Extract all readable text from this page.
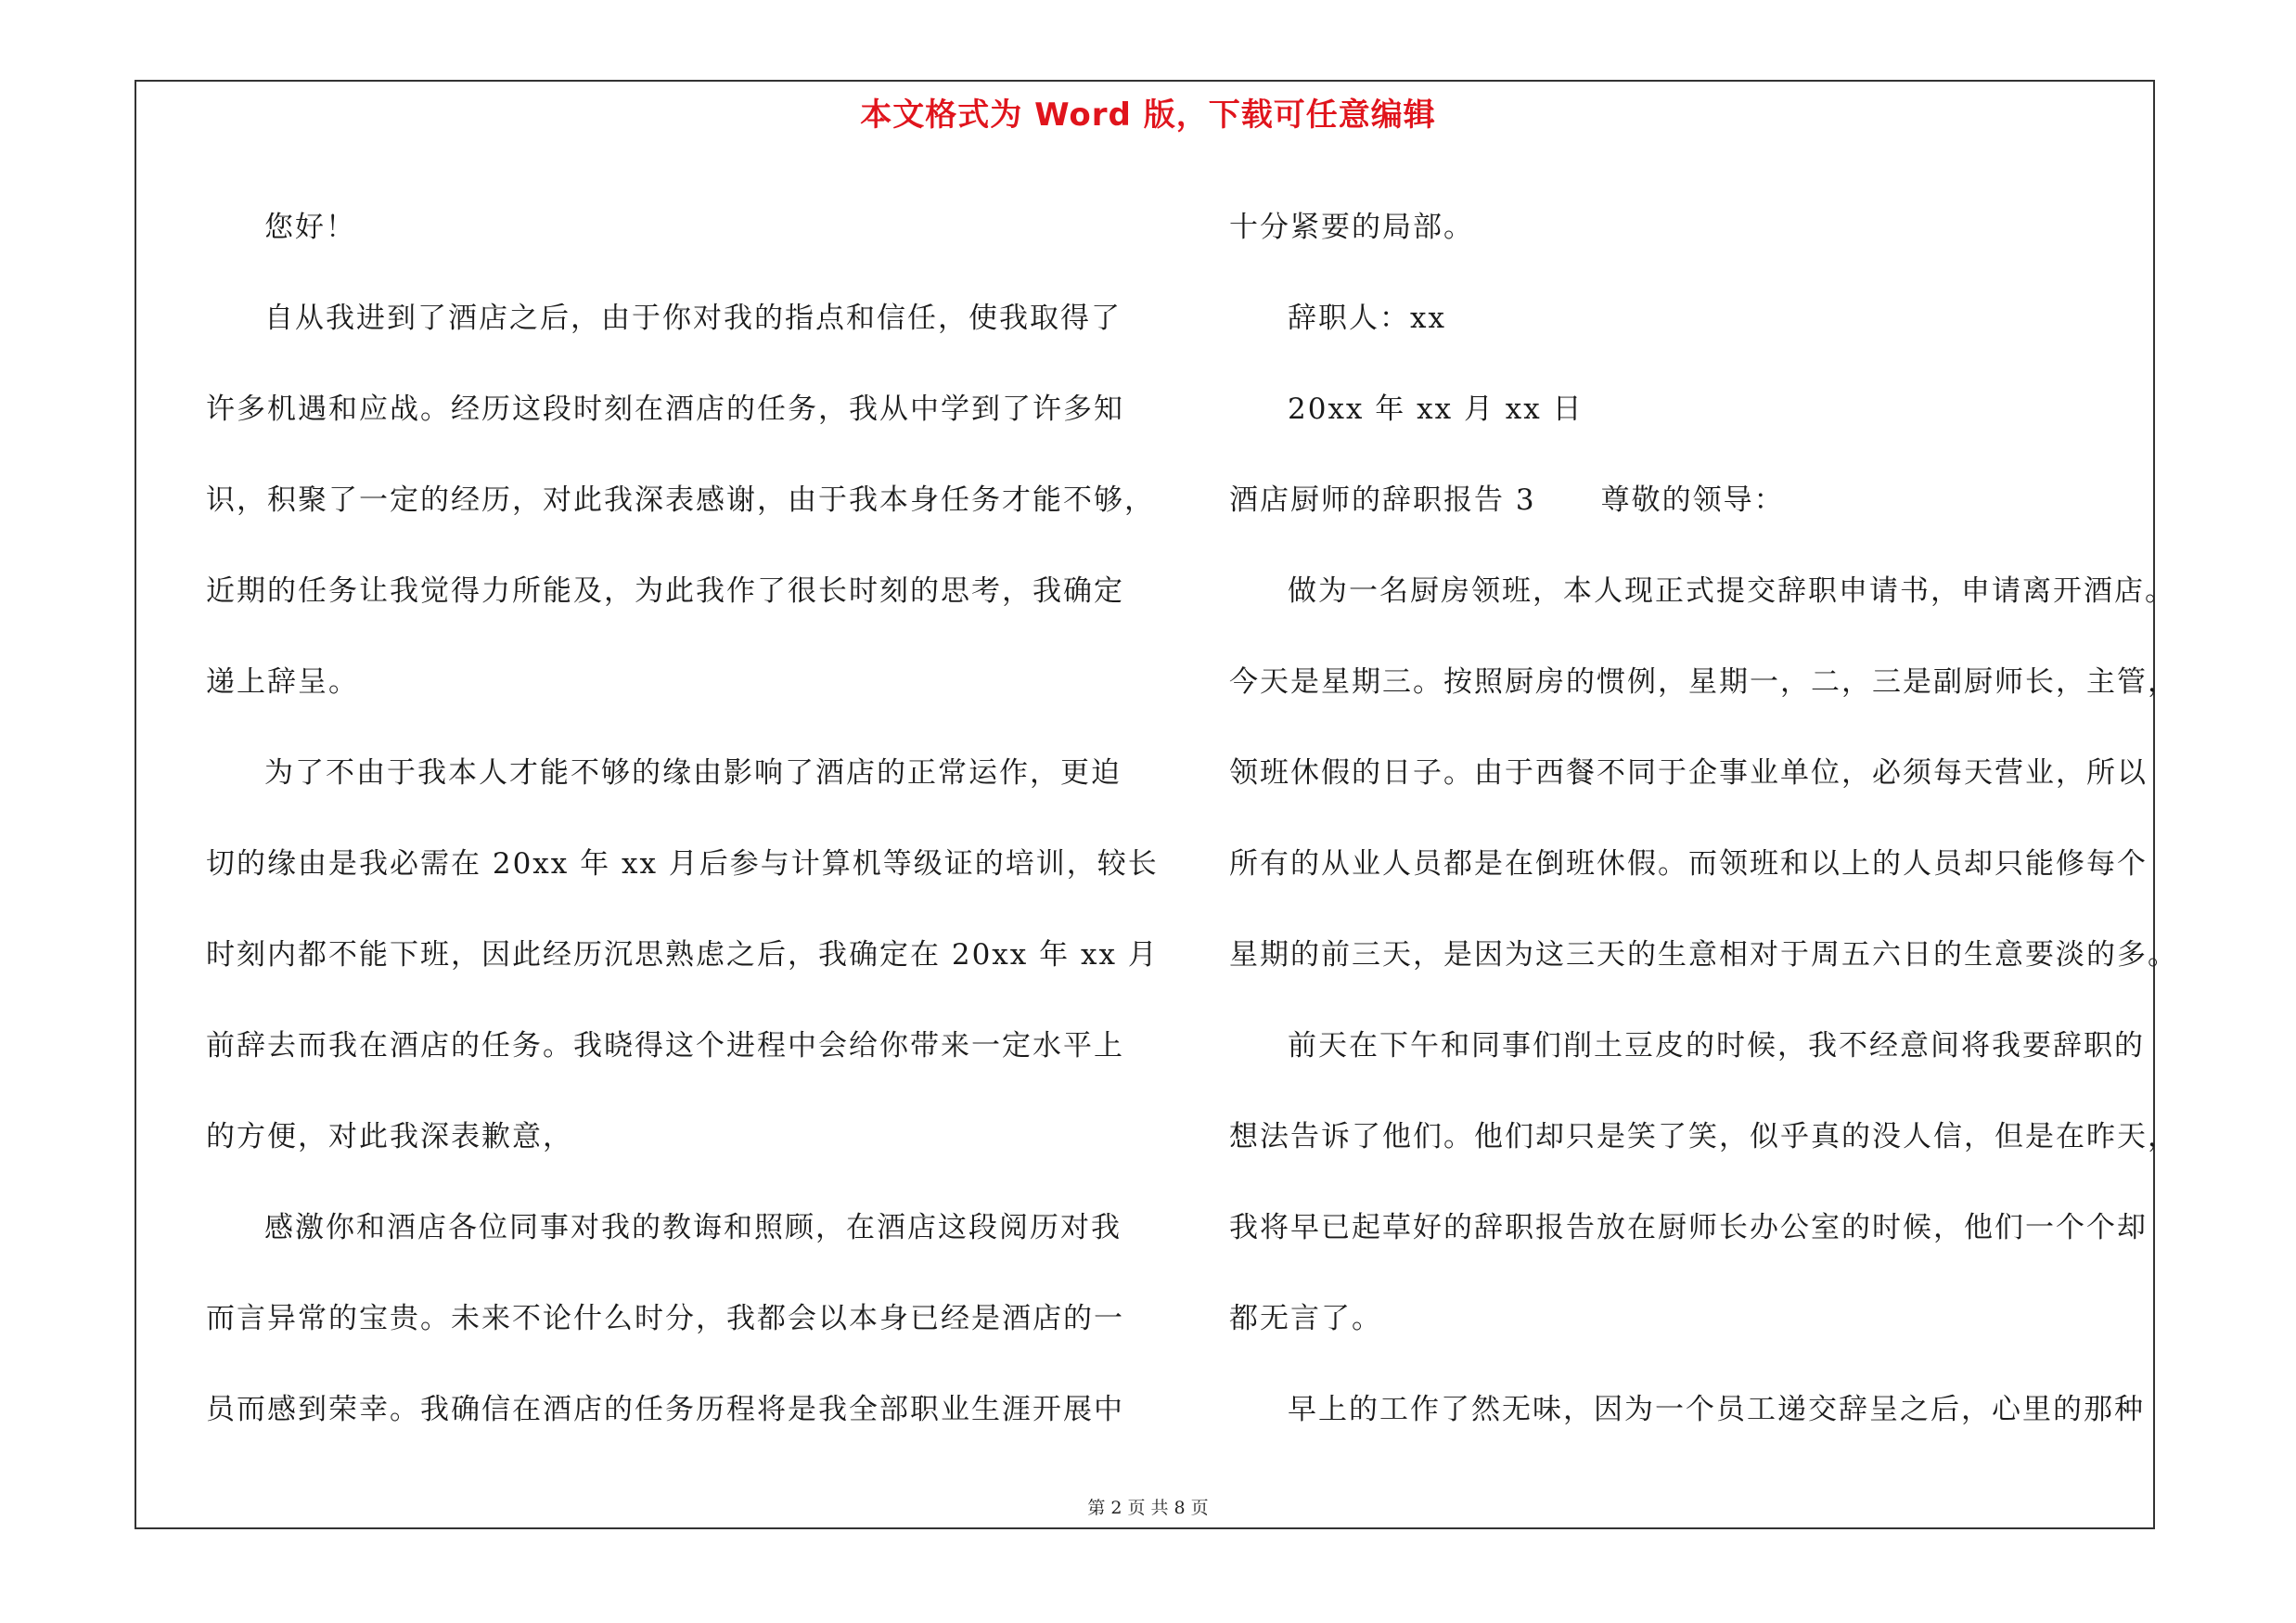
本文格式为 Word 版，下载可任意编辑
您好！
自从我进到了酒店之后，由于你对我的指点和信任，使我取得了
许多机遇和应战。经历这段时刻在酒店的任务，我从中学到了许多知
识，积聚了一定的经历，对此我深表感谢，由于我本身任务才能不够，
近期的任务让我觉得力所能及，为此我作了很长时刻的思考，我确定
递上辞呈。
为了不由于我本人才能不够的缘由影响了酒店的正常运作，更迫
切的缘由是我必需在 20xx 年 xx 月后参与计算机等级证的培训，较长
时刻内都不能下班，因此经历沉思熟虑之后，我确定在 20xx 年 xx 月
前辞去而我在酒店的任务。我晓得这个进程中会给你带来一定水平上
的方便，对此我深表歉意，
感激你和酒店各位同事对我的教诲和照顾，在酒店这段阅历对我
而言异常的宝贵。未来不论什么时分，我都会以本身已经是酒店的一
员而感到荣幸。我确信在酒店的任务历程将是我全部职业生涯开展中
十分紧要的局部。
辞职人：xx
20xx 年 xx 月 xx 日
酒店厨师的辞职报告 3 尊敬的领导：
做为一名厨房领班，本人现正式提交辞职申请书，申请离开酒店。
今天是星期三。按照厨房的惯例，星期一，二，三是副厨师长，主管，
领班休假的日子。由于西餐不同于企事业单位，必须每天营业，所以
所有的从业人员都是在倒班休假。而领班和以上的人员却只能修每个
星期的前三天，是因为这三天的生意相对于周五六日的生意要淡的多。
前天在下午和同事们削土豆皮的时候，我不经意间将我要辞职的
想法告诉了他们。他们却只是笑了笑，似乎真的没人信，但是在昨天，
我将早已起草好的辞职报告放在厨师长办公室的时候，他们一个个却
都无言了。
早上的工作了然无味，因为一个员工递交辞呈之后，心里的那种
第 2 页 共 8 页
